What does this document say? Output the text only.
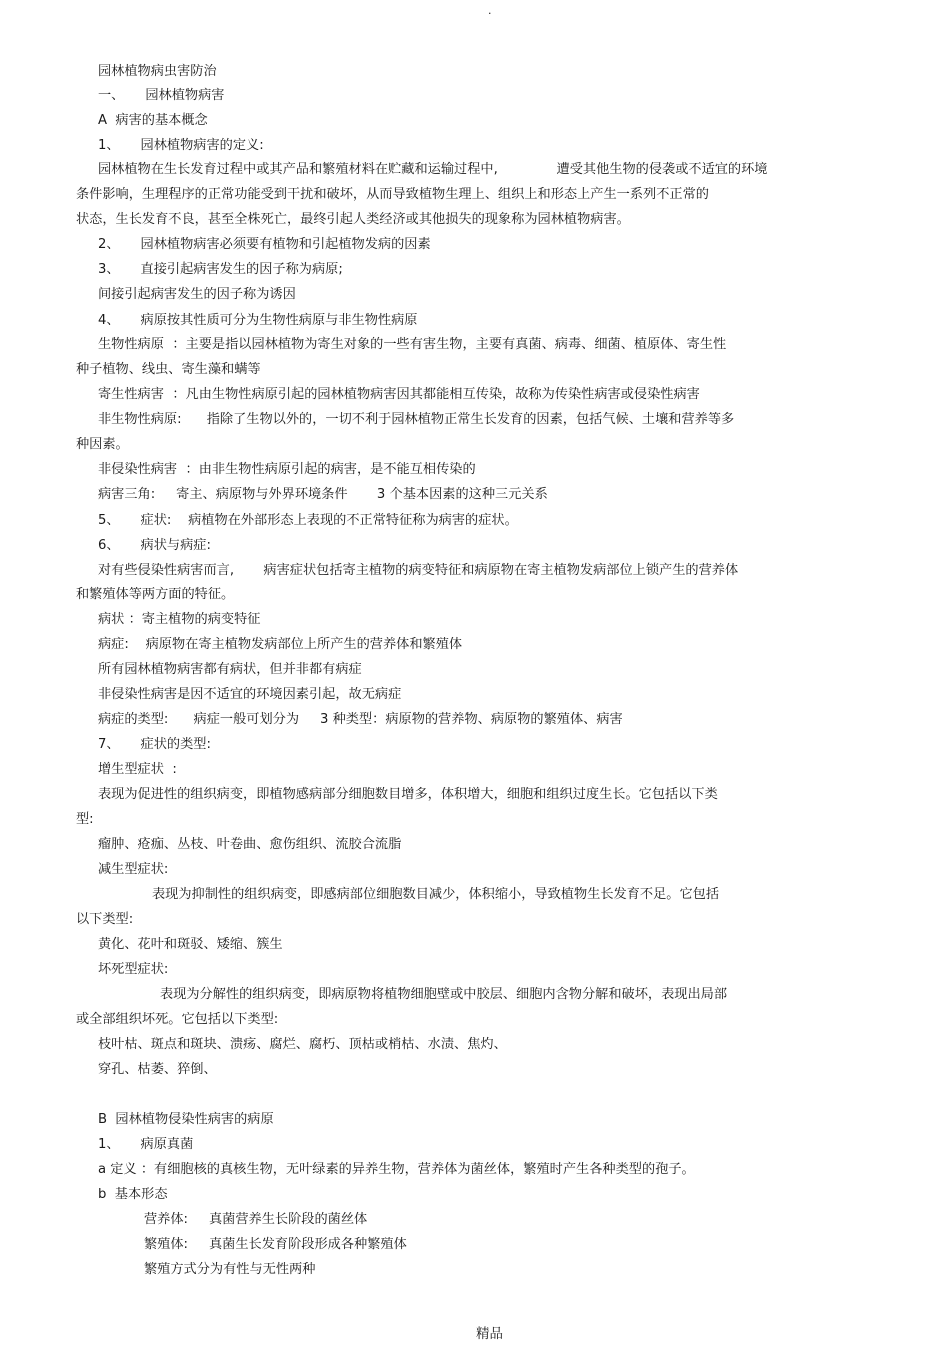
.
园林植物病虫害防治
一、     园林植物病害
A  病害的基本概念
1、     园林植物病害的定义:
园林植物在生长发育过程中或其产品和繁殖材料在贮藏和运输过程中,              遭受其他生物的侵袭或不适宜的环境
条件影响，生理程序的正常功能受到干扰和破坏，从而导致植物生理上、组织上和形态上产生一系列不正常的
状态，生长发育不良，甚至全株死亡，最终引起人类经济或其他损失的现象称为园林植物病害。
2、     园林植物病害必须要有植物和引起植物发病的因素
3、     直接引起病害发生的因子称为病原;
间接引起病害发生的因子称为诱因
4、     病原按其性质可分为生物性病原与非生物性病原
生物性病原  ：主要是指以园林植物为寄生对象的一些有害生物，主要有真菌、病毒、细菌、植原体、寄生性
种子植物、线虫、寄生藻和螨等
寄生性病害  ：凡由生物性病原引起的园林植物病害因其都能相互传染，故称为传染性病害或侵染性病害
非生物性病原:      指除了生物以外的，一切不利于园林植物正常生长发育的因素，包括气候、土壤和营养等多
种因素。
非侵染性病害  ：由非生物性病原引起的病害，是不能互相传染的
病害三角:     寄主、病原物与外界环境条件       3 个基本因素的这种三元关系
5、     症状:    病植物在外部形态上表现的不正常特征称为病害的症状。
6、     病状与病症:
对有些侵染性病害而言,       病害症状包括寄主植物的病变特征和病原物在寄主植物发病部位上锁产生的营养体
和繁殖体等两方面的特征。
病状 ：寄主植物的病变特征
病症:    病原物在寄主植物发病部位上所产生的营养体和繁殖体
所有园林植物病害都有病状，但并非都有病症
非侵染性病害是因不适宜的环境因素引起，故无病症
病症的类型:      病症一般可划分为     3 种类型：病原物的营养物、病原物的繁殖体、病害
7、     症状的类型:
增生型症状  :
表现为促进性的组织病变，即植物感病部分细胞数目增多，体积增大，细胞和组织过度生长。它包括以下类
型:
瘤肿、疮痂、丛枝、叶卷曲、愈伤组织、流胶合流脂
减生型症状:
表现为抑制性的组织病变，即感病部位细胞数目减少，体积缩小，导致植物生长发育不足。它包括
以下类型:
黄化、花叶和斑驳、矮缩、簇生
坏死型症状:
表现为分解性的组织病变，即病原物将植物细胞壁或中胶层、细胞内含物分解和破坏，表现出局部
或全部组织坏死。它包括以下类型:
枝叶枯、斑点和斑块、溃疡、腐烂、腐朽、顶枯或梢枯、水渍、焦灼、
穿孔、枯萎、猝倒、
B  园林植物侵染性病害的病原
1、     病原真菌
a 定义 ：有细胞核的真核生物，无叶绿素的异养生物，营养体为菌丝体，繁殖时产生各种类型的孢子。
b  基本形态
营养体:     真菌营养生长阶段的菌丝体
繁殖体:     真菌生长发育阶段形成各种繁殖体
繁殖方式分为有性与无性两种
精品
